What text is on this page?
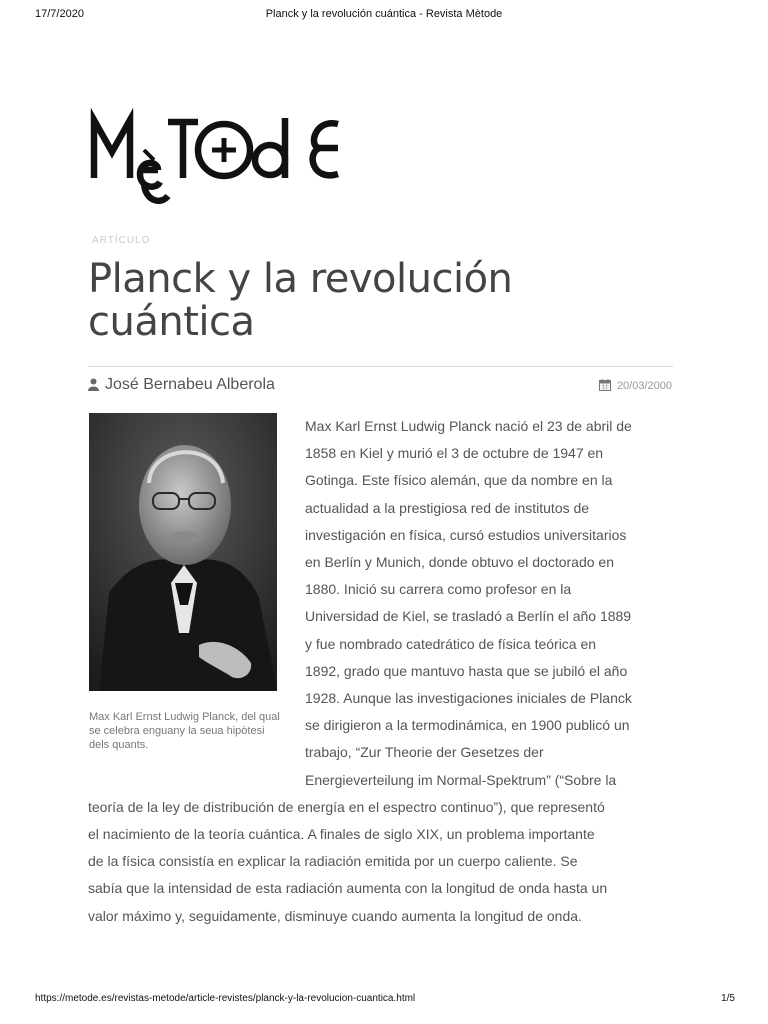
17/7/2020	Planck y la revolución cuántica - Revista Mètode
ARTÍCULO
Planck y la revolución
cuántica
José Bernabeu Alberola	20/03/2000
Max Karl Ernst Ludwig Planck, del qual se celebra enguany la seua hipòtesi dels quants.
Max Karl Ernst Ludwig Planck nació el 23 de abril de
1858 en Kiel y murió el 3 de octubre de 1947 en
Gotinga. Este físico alemán, que da nombre en la
actualidad a la prestigiosa red de institutos de
investigación en física, cursó estudios universitarios
en Berlín y Munich, donde obtuvo el doctorado en
1880. Inició su carrera como profesor en la
Universidad de Kiel, se trasladó a Berlín el año 1889
y fue nombrado catedrático de física teórica en
1892, grado que mantuvo hasta que se jubiló el año
1928. Aunque las investigaciones iniciales de Planck
se dirigieron a la termodinámica, en 1900 publicó un
trabajo, “Zur Theorie der Gesetzes der
Energieverteilung im Normal-Spektrum” (“Sobre la
teoría de la ley de distribución de energía en el espectro continuo”), que representó
el nacimiento de la teoría cuántica. A finales de siglo XIX, un problema importante
de la física consistía en explicar la radiación emitida por un cuerpo caliente. Se
sabía que la intensidad de esta radiación aumenta con la longitud de onda hasta un
valor máximo y, seguidamente, disminuye cuando aumenta la longitud de onda.
https://metode.es/revistas-metode/article-revistes/planck-y-la-revolucion-cuantica.html	1/5
